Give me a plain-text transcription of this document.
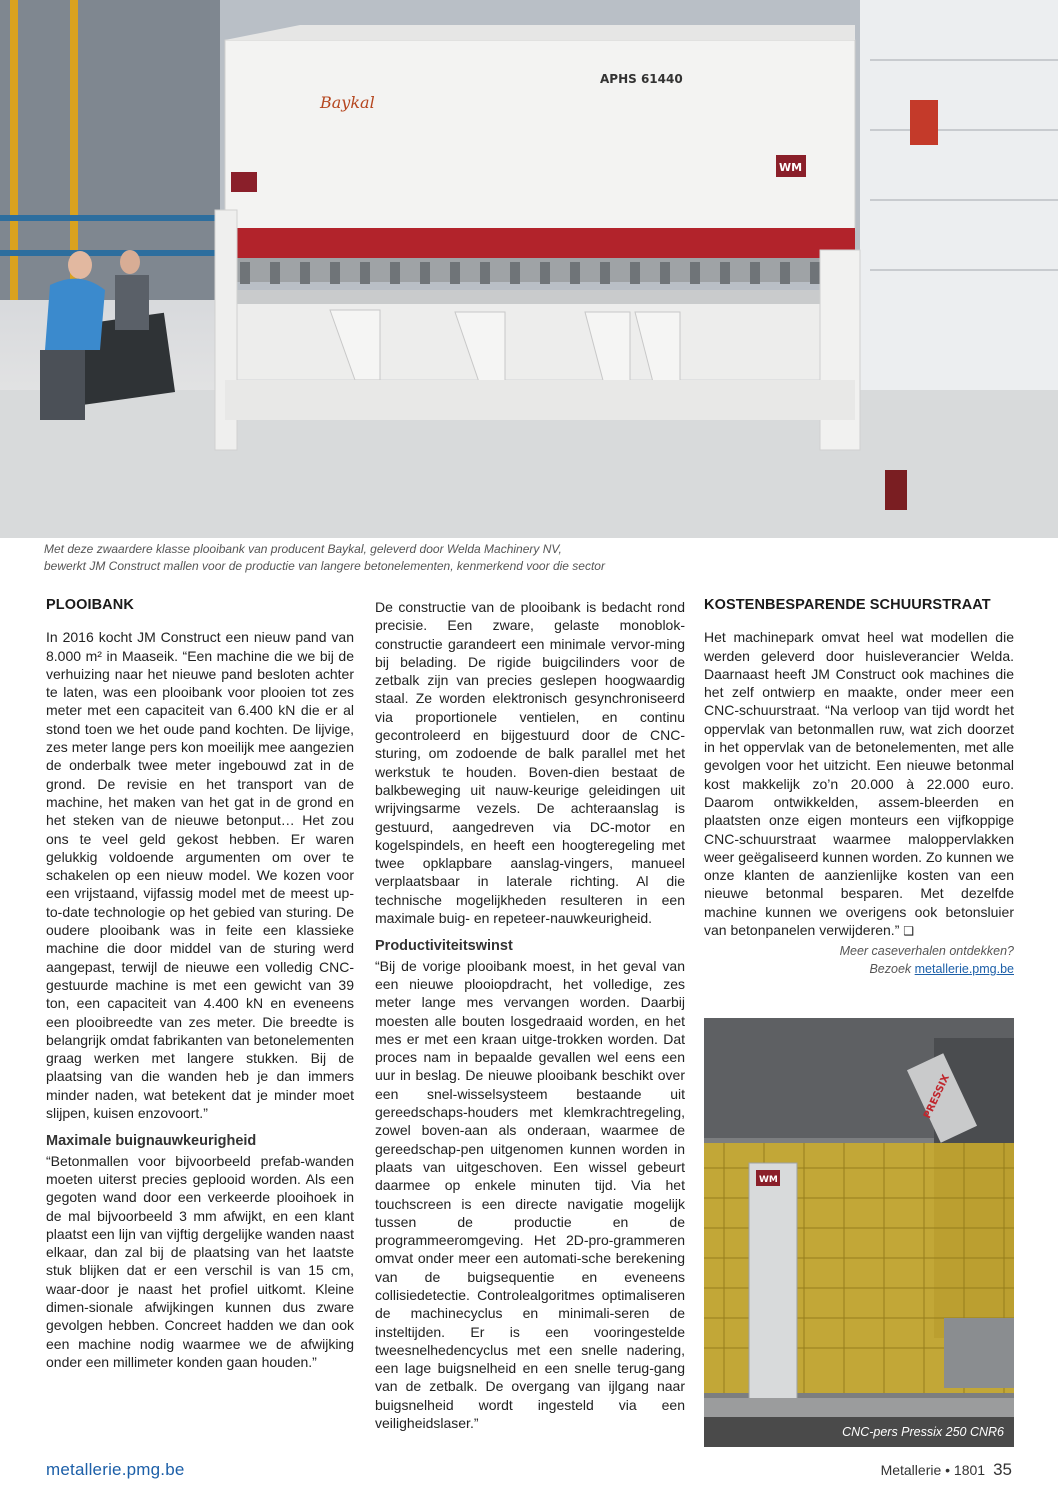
APHS 61440
Baykal
WM
Met deze zwaardere klasse plooibank van producent Baykal, geleverd door Welda Machinery NV,
bewerkt JM Construct mallen voor de productie van langere betonelementen, kenmerkend voor die sector
PLOOIBANK

In 2016 kocht JM Construct een nieuw pand van 8.000 m² in Maaseik. “Een machine die we bij de verhuizing naar het nieuwe pand besloten achter te laten, was een plooibank voor plooien tot zes meter met een capaciteit van 6.400 kN die er al stond toen we het oude pand kochten. De lijvige, zes meter lange pers kon moeilijk mee aangezien de onderbalk twee meter ingebouwd zat in de grond. De revisie en het transport van de machine, het maken van het gat in de grond en het steken van de nieuwe betonput… Het zou ons te veel geld gekost hebben. Er waren gelukkig voldoende argumenten om over te schakelen op een nieuw model. We kozen voor een vrijstaand, vijfassig model met de meest up-to-date technologie op het gebied van sturing. De oudere plooibank was in feite een klassieke machine die door middel van de sturing werd aangepast, terwijl de nieuwe een volledig CNC-gestuurde machine is met een gewicht van 39 ton, een capaciteit van 4.400 kN en eveneens een plooibreedte van zes meter. Die breedte is belangrijk omdat fabrikanten van betonelementen graag werken met langere stukken. Bij de plaatsing van die wanden heb je dan immers minder naden, wat betekent dat je minder moet slijpen, kuisen enzovoort.”

Maximale buignauwkeurigheid

“Betonmallen voor bijvoorbeeld prefab-wanden moeten uiterst precies geplooid worden. Als een gegoten wand door een verkeerde plooihoek in de mal bijvoorbeeld 3 mm afwijkt, en een klant plaatst een lijn van vijftig dergelijke wanden naast elkaar, dan zal bij de plaatsing van het laatste stuk blijken dat er een verschil is van 15 cm, waar-door je naast het profiel uitkomt. Kleine dimen-sionale afwijkingen kunnen dus zware gevolgen hebben. Concreet hadden we dan ook een machine nodig waarmee we de afwijking onder een millimeter konden gaan houden.”

De constructie van de plooibank is bedacht rond precisie. Een zware, gelaste monoblok-constructie garandeert een minimale vervor-ming bij belading. De rigide buigcilinders voor de zetbalk zijn van precies geslepen hoogwaardig staal. Ze worden elektronisch gesynchroniseerd via proportionele ventielen, en continu gecontroleerd en bijgestuurd door de CNC-sturing, om zodoende de balk parallel met het werkstuk te houden. Boven-dien bestaat de balkbeweging uit nauw-keurige geleidingen uit wrijvingsarme vezels. De achteraanslag is gestuurd, aangedreven via DC-motor en kogelspindels, en heeft een hoogteregeling met twee opklapbare aanslag-vingers, manueel verplaatsbaar in laterale richting. Al die technische mogelijkheden resulteren in een maximale buig- en repeteer-nauwkeurigheid.

Productiviteitswinst

“Bij de vorige plooibank moest, in het geval van een nieuwe plooiopdracht, het volledige, zes meter lange mes vervangen worden. Daarbij moesten alle bouten losgedraaid worden, en het mes er met een kraan uitge-trokken worden. Dat proces nam in bepaalde gevallen wel eens een uur in beslag. De nieuwe plooibank beschikt over een snel-wisselsysteem bestaande uit gereedschaps-houders met klemkrachtregeling, zowel boven-aan als onderaan, waarmee de gereedschap-pen uitgenomen kunnen worden in plaats van uitgeschoven. Een wissel gebeurt daarmee op enkele minuten tijd. Via het touchscreen is een directe navigatie mogelijk tussen de productie en de programmeeromgeving. Het 2D-pro-grammeren omvat onder meer een automati-sche berekening van de buigsequentie en eveneens collisiedetectie. Controlealgoritmes optimaliseren de machinecyclus en minimali-seren de insteltijden. Er is een vooringestelde tweesnelhedencyclus met een snelle nadering, een lage buigsnelheid en een snelle terug-gang van de zetbalk. De overgang van ijlgang naar buigsnelheid wordt ingesteld via een veiligheidslaser.”

KOSTENBESPARENDE SCHUURSTRAAT

Het machinepark omvat heel wat modellen die werden geleverd door huisleverancier Welda. Daarnaast heeft JM Construct ook machines die het zelf ontwierp en maakte, onder meer een CNC-schuurstraat. “Na verloop van tijd wordt het oppervlak van betonmallen ruw, wat zich doorzet in het oppervlak van de betonelementen, met alle gevolgen voor het uitzicht. Een nieuwe betonmal kost makkelijk zo’n 20.000 à 22.000 euro. Daarom ontwikkelden, assem-bleerden en plaatsten onze eigen monteurs een vijfkoppige CNC-schuurstraat waarmee maloppervlakken weer geëgaliseerd kunnen worden. Zo kunnen we onze klanten de aanzienlijke kosten van een nieuwe betonmal besparen. Met dezelfde machine kunnen we overigens ook betonsluier van betonpanelen verwijderen.” ❑

Meer caseverhalen ontdekken?
Bezoek metallerie.pmg.be
PRESSIX
WM
CNC-pers Pressix 250 CNR6
metallerie.pmg.be	Metallerie • 1801 35
